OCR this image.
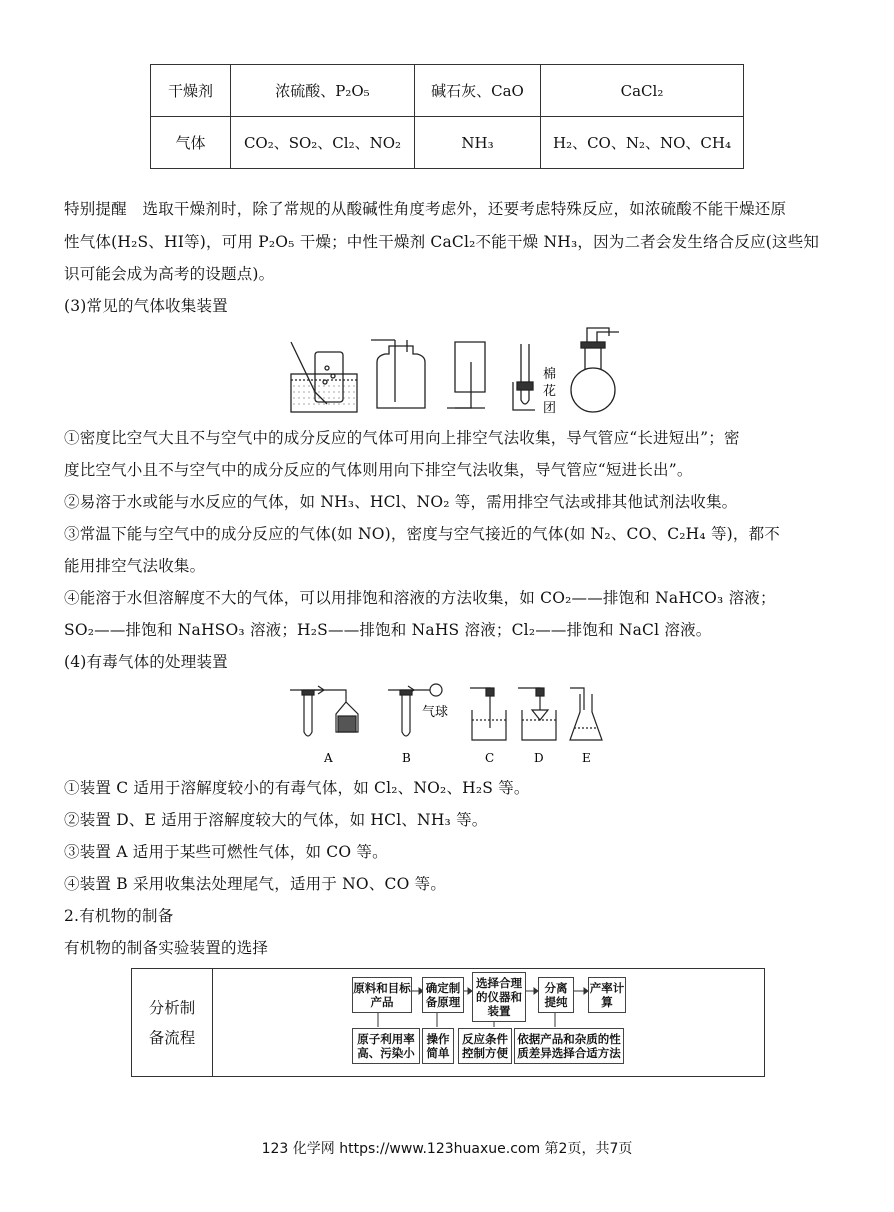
干燥剂	浓硫酸、P₂O₅	碱石灰、CaO	CaCl₂
气体	CO₂、SO₂、Cl₂、NO₂	NH₃	H₂、CO、N₂、NO、CH₄
特别提醒　选取干燥剂时，除了常规的从酸碱性角度考虑外，还要考虑特殊反应，如浓硫酸不能干燥还原
性气体(H₂S、HI等)，可用 P₂O₅ 干燥；中性干燥剂 CaCl₂不能干燥 NH₃，因为二者会发生络合反应(这些知
识可能会成为高考的设题点)。
(3)常见的气体收集装置
棉
花
团
①密度比空气大且不与空气中的成分反应的气体可用向上排空气法收集，导气管应“长进短出”；密
度比空气小且不与空气中的成分反应的气体则用向下排空气法收集，导气管应“短进长出”。
②易溶于水或能与水反应的气体，如 NH₃、HCl、NO₂ 等，需用排空气法或排其他试剂法收集。
③常温下能与空气中的成分反应的气体(如 NO)，密度与空气接近的气体(如 N₂、CO、C₂H₄ 等)，都不
能用排空气法收集。
④能溶于水但溶解度不大的气体，可以用排饱和溶液的方法收集，如 CO₂——排饱和 NaHCO₃ 溶液；
SO₂——排饱和 NaHSO₃ 溶液；H₂S——排饱和 NaHS 溶液；Cl₂——排饱和 NaCl 溶液。
(4)有毒气体的处理装置
气球
A	B	C	D	E
①装置 C 适用于溶解度较小的有毒气体，如 Cl₂、NO₂、H₂S 等。
②装置 D、E 适用于溶解度较大的气体，如 HCl、NH₃ 等。
③装置 A 适用于某些可燃性气体，如 CO 等。
④装置 B 采用收集法处理尾气，适用于 NO、CO 等。
2.有机物的制备
有机物的制备实验装置的选择
分析制备流程
原料和目标产品
确定制备原理
选择合理的仪器和装置
分离提纯
产率计算
原子利用率高、污染小
操作简单
反应条件控制方便
依据产品和杂质的性质差异选择合适方法
123 化学网 https://www.123huaxue.com 第2页，共7页
